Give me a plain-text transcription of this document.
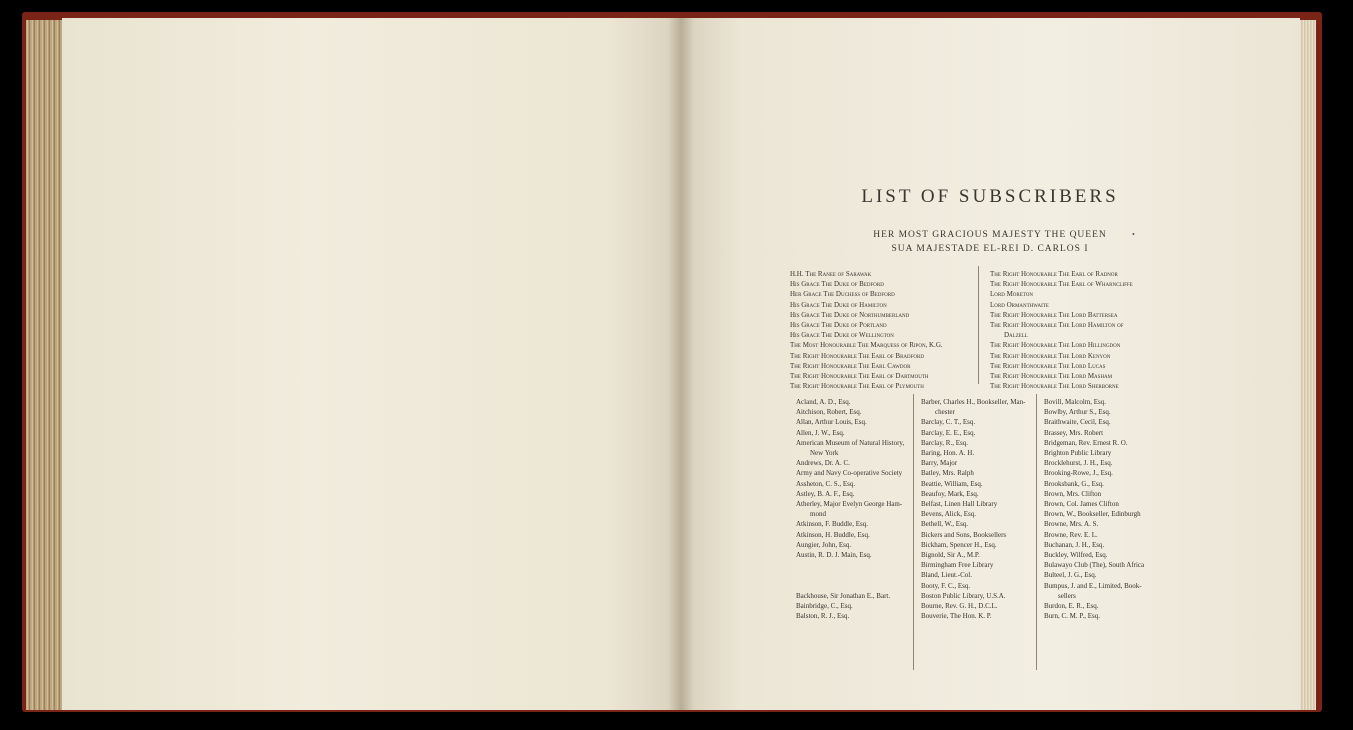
LIST OF SUBSCRIBERS
HER MOST GRACIOUS MAJESTY THE QUEEN
SUA MAJESTADE EL-REI D. CARLOS I
•
H.H. The Ranee of Sarawak
His Grace The Duke of Bedford
Her Grace The Duchess of Bedford
His Grace The Duke of Hamilton
His Grace The Duke of Northumberland
His Grace The Duke of Portland
His Grace The Duke of Wellington
The Most Honourable The Marquess of Ripon, K.G.
The Right Honourable The Earl of Bradford
The Right Honourable The Earl Cawdor
The Right Honourable The Earl of Dartmouth
The Right Honourable The Earl of Plymouth
The Right Honourable The Earl of Radnor
The Right Honourable The Earl of Wharncliffe
Lord Moreton
Lord Ormanthwaite
The Right Honourable The Lord Battersea
The Right Honourable The Lord Hamilton of
Dalzell
The Right Honourable The Lord Hillingdon
The Right Honourable The Lord Kenyon
The Right Honourable The Lord Lucas
The Right Honourable The Lord Masham
The Right Honourable The Lord Sherborne
Acland, A. D., Esq.
Aitchison, Robert, Esq.
Allan, Arthur Louis, Esq.
Allen, J. W., Esq.
American Museum of Natural History,
New York
Andrews, Dr. A. C.
Army and Navy Co-operative Society
Assheton, C. S., Esq.
Astley, B. A. F., Esq.
Atherley, Major Evelyn George Ham-
mond
Atkinson, F. Buddle, Esq.
Atkinson, H. Buddle, Esq.
Aungier, John, Esq.
Austin, R. D. J. Main, Esq.
Backhouse, Sir Jonathan E., Bart.
Bainbridge, C., Esq.
Balston, R. J., Esq.
Barber, Charles H., Bookseller, Man-
chester
Barclay, C. T., Esq.
Barclay, E. E., Esq.
Barclay, R., Esq.
Baring, Hon. A. H.
Barry, Major
Batley, Mrs. Ralph
Beattie, William, Esq.
Beaufoy, Mark, Esq.
Belfast, Linen Hall Library
Bevens, Alick, Esq.
Bethell, W., Esq.
Bickers and Sons, Booksellers
Bickham, Spencer H., Esq.
Bignold, Sir A., M.P.
Birmingham Free Library
Bland, Lieut.-Col.
Booty, F. C., Esq.
Boston Public Library, U.S.A.
Bourne, Rev. G. H., D.C.L.
Bouverie, The Hon. K. P.
Bovill, Malcolm, Esq.
Bowlby, Arthur S., Esq.
Braithwaite, Cecil, Esq.
Brassey, Mrs. Robert
Bridgeman, Rev. Ernest R. O.
Brighton Public Library
Brocklehurst, J. H., Esq.
Brooking-Rowe, J., Esq.
Brooksbank, G., Esq.
Brown, Mrs. Clifton
Brown, Col. James Clifton
Brown, W., Bookseller, Edinburgh
Browne, Mrs. A. S.
Browne, Rev. E. L.
Buchanan, J. H., Esq.
Buckley, Wilfred, Esq.
Bulawayo Club (The), South Africa
Bulteel, J. G., Esq.
Bumpus, J. and E., Limited, Book-
sellers
Burdon, E. R., Esq.
Burn, C. M. P., Esq.
